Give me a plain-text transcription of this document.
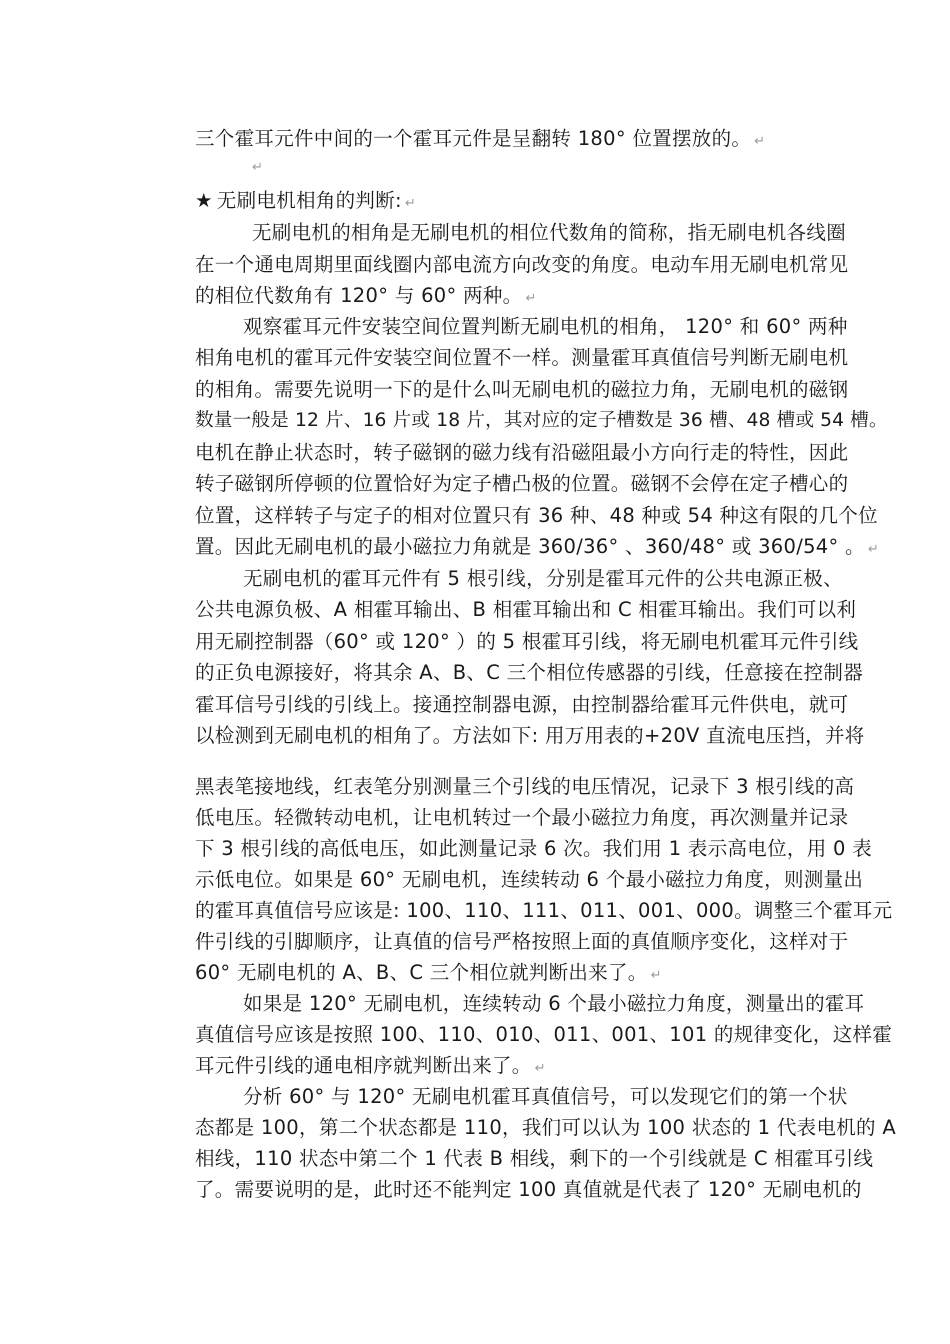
三个霍耳元件中间的一个霍耳元件是呈翻转 180° 位置摆放的。 ↵
↵
★ 无刷电机相角的判断: ↵
无刷电机的相角是无刷电机的相位代数角的简称，指无刷电机各线圈
在一个通电周期里面线圈内部电流方向改变的角度。电动车用无刷电机常见
的相位代数角有 120° 与 60° 两种。 ↵
观察霍耳元件安装空间位置判断无刷电机的相角， 120° 和 60° 两种
相角电机的霍耳元件安装空间位置不一样。测量霍耳真值信号判断无刷电机
的相角。需要先说明一下的是什么叫无刷电机的磁拉力角，无刷电机的磁钢
数量一般是 12 片、16 片或 18 片，其对应的定子槽数是 36 槽、48 槽或 54 槽。
电机在静止状态时，转子磁钢的磁力线有沿磁阻最小方向行走的特性，因此
转子磁钢所停顿的位置恰好为定子槽凸极的位置。磁钢不会停在定子槽心的
位置，这样转子与定子的相对位置只有 36 种、48 种或 54 种这有限的几个位
置。因此无刷电机的最小磁拉力角就是 360/36° 、360/48° 或 360/54° 。 ↵
无刷电机的霍耳元件有 5 根引线，分别是霍耳元件的公共电源正极、
公共电源负极、A 相霍耳输出、B 相霍耳输出和 C 相霍耳输出。我们可以利
用无刷控制器（60° 或 120° ）的 5 根霍耳引线，将无刷电机霍耳元件引线
的正负电源接好，将其余 A、B、C 三个相位传感器的引线，任意接在控制器
霍耳信号引线的引线上。接通控制器电源，由控制器给霍耳元件供电，就可
以检测到无刷电机的相角了。方法如下: 用万用表的+20V 直流电压挡，并将
黑表笔接地线，红表笔分别测量三个引线的电压情况，记录下 3 根引线的高
低电压。轻微转动电机，让电机转过一个最小磁拉力角度，再次测量并记录
下 3 根引线的高低电压，如此测量记录 6 次。我们用 1 表示高电位，用 0 表
示低电位。如果是 60° 无刷电机，连续转动 6 个最小磁拉力角度，则测量出
的霍耳真值信号应该是: 100、110、111、011、001、000。调整三个霍耳元
件引线的引脚顺序，让真值的信号严格按照上面的真值顺序变化，这样对于
60° 无刷电机的 A、B、C 三个相位就判断出来了。 ↵
如果是 120° 无刷电机，连续转动 6 个最小磁拉力角度，测量出的霍耳
真值信号应该是按照 100、110、010、011、001、101 的规律变化，这样霍
耳元件引线的通电相序就判断出来了。 ↵
分析 60° 与 120° 无刷电机霍耳真值信号，可以发现它们的第一个状
态都是 100，第二个状态都是 110，我们可以认为 100 状态的 1 代表电机的 A
相线，110 状态中第二个 1 代表 B 相线，剩下的一个引线就是 C 相霍耳引线
了。需要说明的是，此时还不能判定 100 真值就是代表了 120° 无刷电机的
